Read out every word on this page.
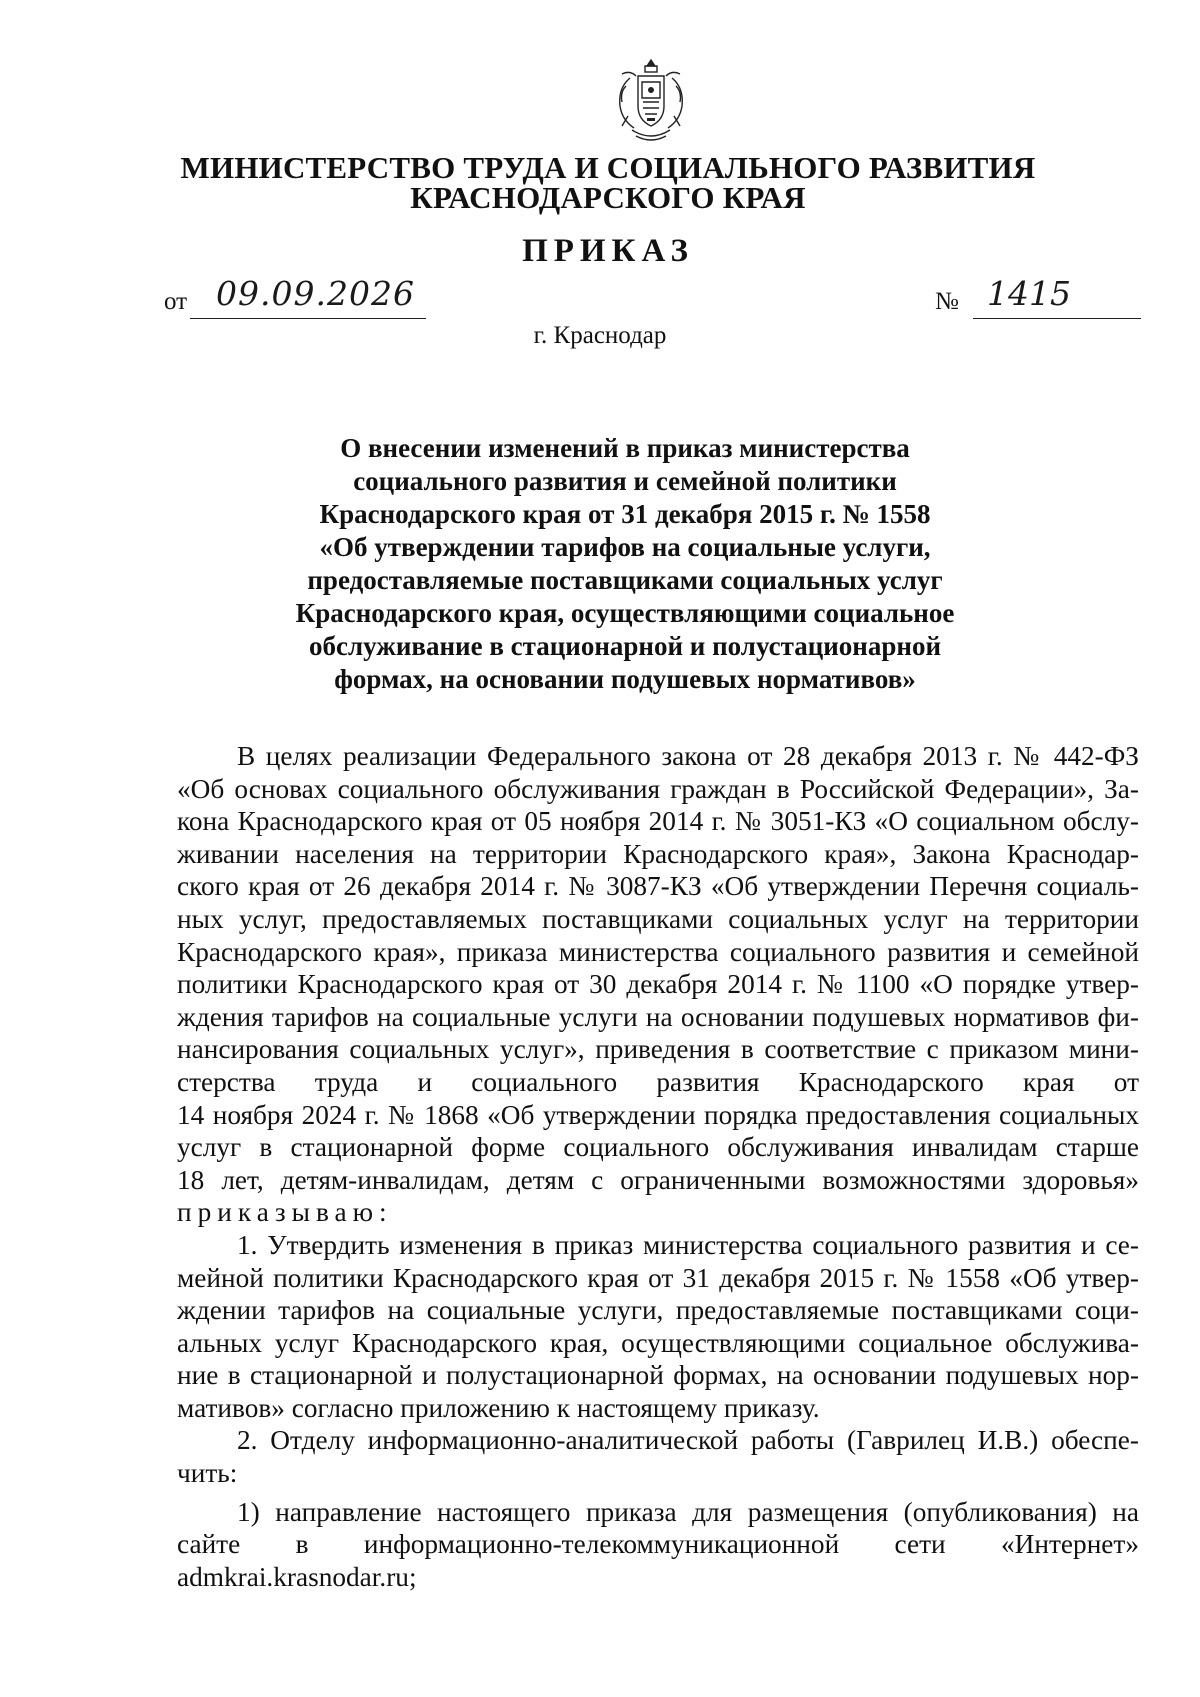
МИНИСТЕРСТВО ТРУДА И СОЦИАЛЬНОГО РАЗВИТИЯ
КРАСНОДАРСКОГО КРАЯ
ПРИКАЗ
от 09.09.2026	№ 1415
г. Краснодар
О внесении изменений в приказ министерства
социального развития и семейной политики
Краснодарского края от 31 декабря 2015 г. № 1558
«Об утверждении тарифов на социальные услуги,
предоставляемые поставщиками социальных услуг
Краснодарского края, осуществляющими социальное
обслуживание в стационарной и полустационарной
формах, на основании подушевых нормативов»
В целях реализации Федерального закона от 28 декабря 2013 г. № 442-ФЗ
«Об основах социального обслуживания граждан в Российской Федерации», За-
кона Краснодарского края от 05 ноября 2014 г. № 3051-КЗ «О социальном обслу-
живании населения на территории Краснодарского края», Закона Краснодар-
ского края от 26 декабря 2014 г. № 3087-КЗ «Об утверждении Перечня социаль-
ных услуг, предоставляемых поставщиками социальных услуг на территории
Краснодарского края», приказа министерства социального развития и семейной
политики Краснодарского края от 30 декабря 2014 г. № 1100 «О порядке утвер-
ждения тарифов на социальные услуги на основании подушевых нормативов фи-
нансирования социальных услуг», приведения в соответствие с приказом мини-
стерства труда и социального развития Краснодарского края от
14 ноября 2024 г. № 1868 «Об утверждении порядка предоставления социальных
услуг в стационарной форме социального обслуживания инвалидам старше
18 лет, детям-инвалидам, детям с ограниченными возможностями здоровья»
приказываю:
1. Утвердить изменения в приказ министерства социального развития и се-
мейной политики Краснодарского края от 31 декабря 2015 г. № 1558 «Об утвер-
ждении тарифов на социальные услуги, предоставляемые поставщиками соци-
альных услуг Краснодарского края, осуществляющими социальное обслужива-
ние в стационарной и полустационарной формах, на основании подушевых нор-
мативов» согласно приложению к настоящему приказу.
2. Отделу информационно-аналитической работы (Гаврилец И.В.) обеспе-
чить:
1) направление настоящего приказа для размещения (опубликования) на
сайте в информационно-телекоммуникационной сети «Интернет»
admkrai.krasnodar.ru;
